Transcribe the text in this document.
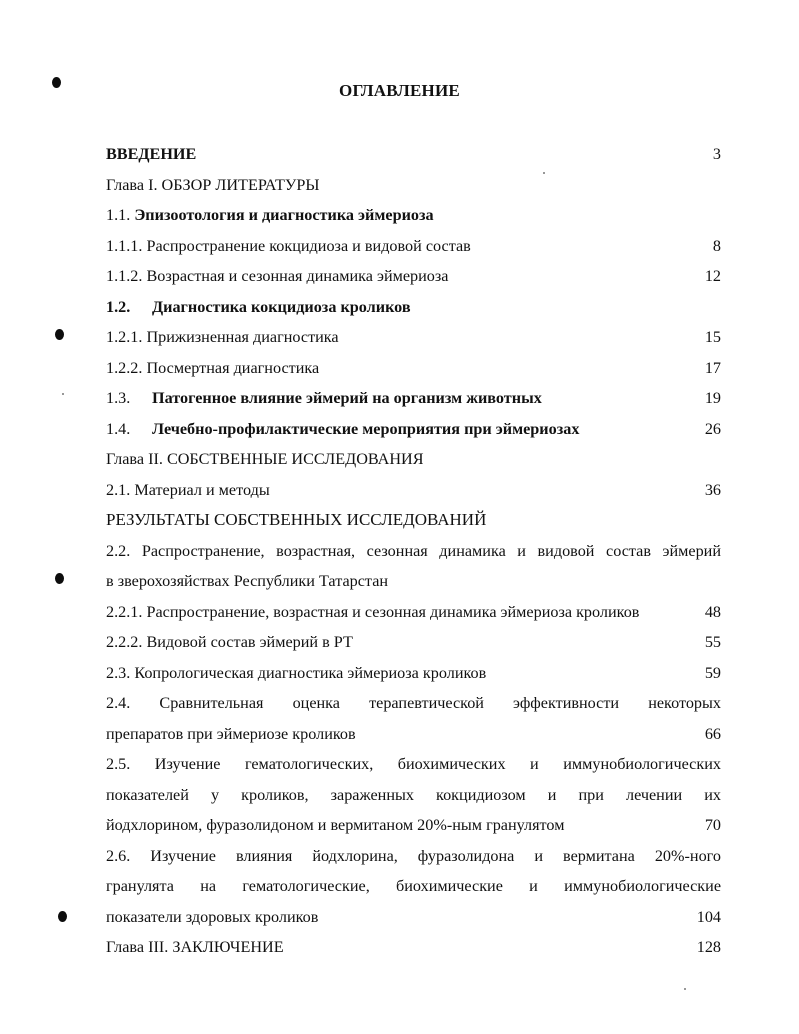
ОГЛАВЛЕНИЕ
ВВЕДЕНИЕ	3
Глава I. ОБЗОР ЛИТЕРАТУРЫ
1.1. Эпизоотология и диагностика эймериоза
1.1.1. Распространение кокцидиоза и видовой состав	8
1.1.2. Возрастная и сезонная динамика эймериоза	12
1.2. Диагностика кокцидиоза кроликов
1.2.1. Прижизненная диагностика	15
1.2.2. Посмертная диагностика	17
1.3. Патогенное влияние эймерий на организм животных	19
1.4. Лечебно-профилактические мероприятия при эймериозах	26
Глава II. СОБСТВЕННЫЕ ИССЛЕДОВАНИЯ
2.1. Материал и методы	36
РЕЗУЛЬТАТЫ СОБСТВЕННЫХ ИССЛЕДОВАНИЙ
2.2. Распространение, возрастная, сезонная динамика и видовой состав эймерий
в зверохозяйствах Республики Татарстан
2.2.1. Распространение, возрастная и сезонная динамика эймериоза кроликов	48
2.2.2. Видовой состав эймерий в РТ	55
2.3. Копрологическая диагностика эймериоза кроликов	59
2.4. Сравнительная оценка терапевтической эффективности некоторых
препаратов при эймериозе кроликов	66
2.5. Изучение гематологических, биохимических и иммунобиологических
показателей у кроликов, зараженных кокцидиозом и при лечении их
йодхлорином, фуразолидоном и вермитаном 20%-ным гранулятом	70
2.6. Изучение влияния йодхлорина, фуразолидона и вермитана 20%-ного
гранулята на гематологические, биохимические и иммунобиологические
показатели здоровых кроликов	104
Глава III. ЗАКЛЮЧЕНИЕ	128
